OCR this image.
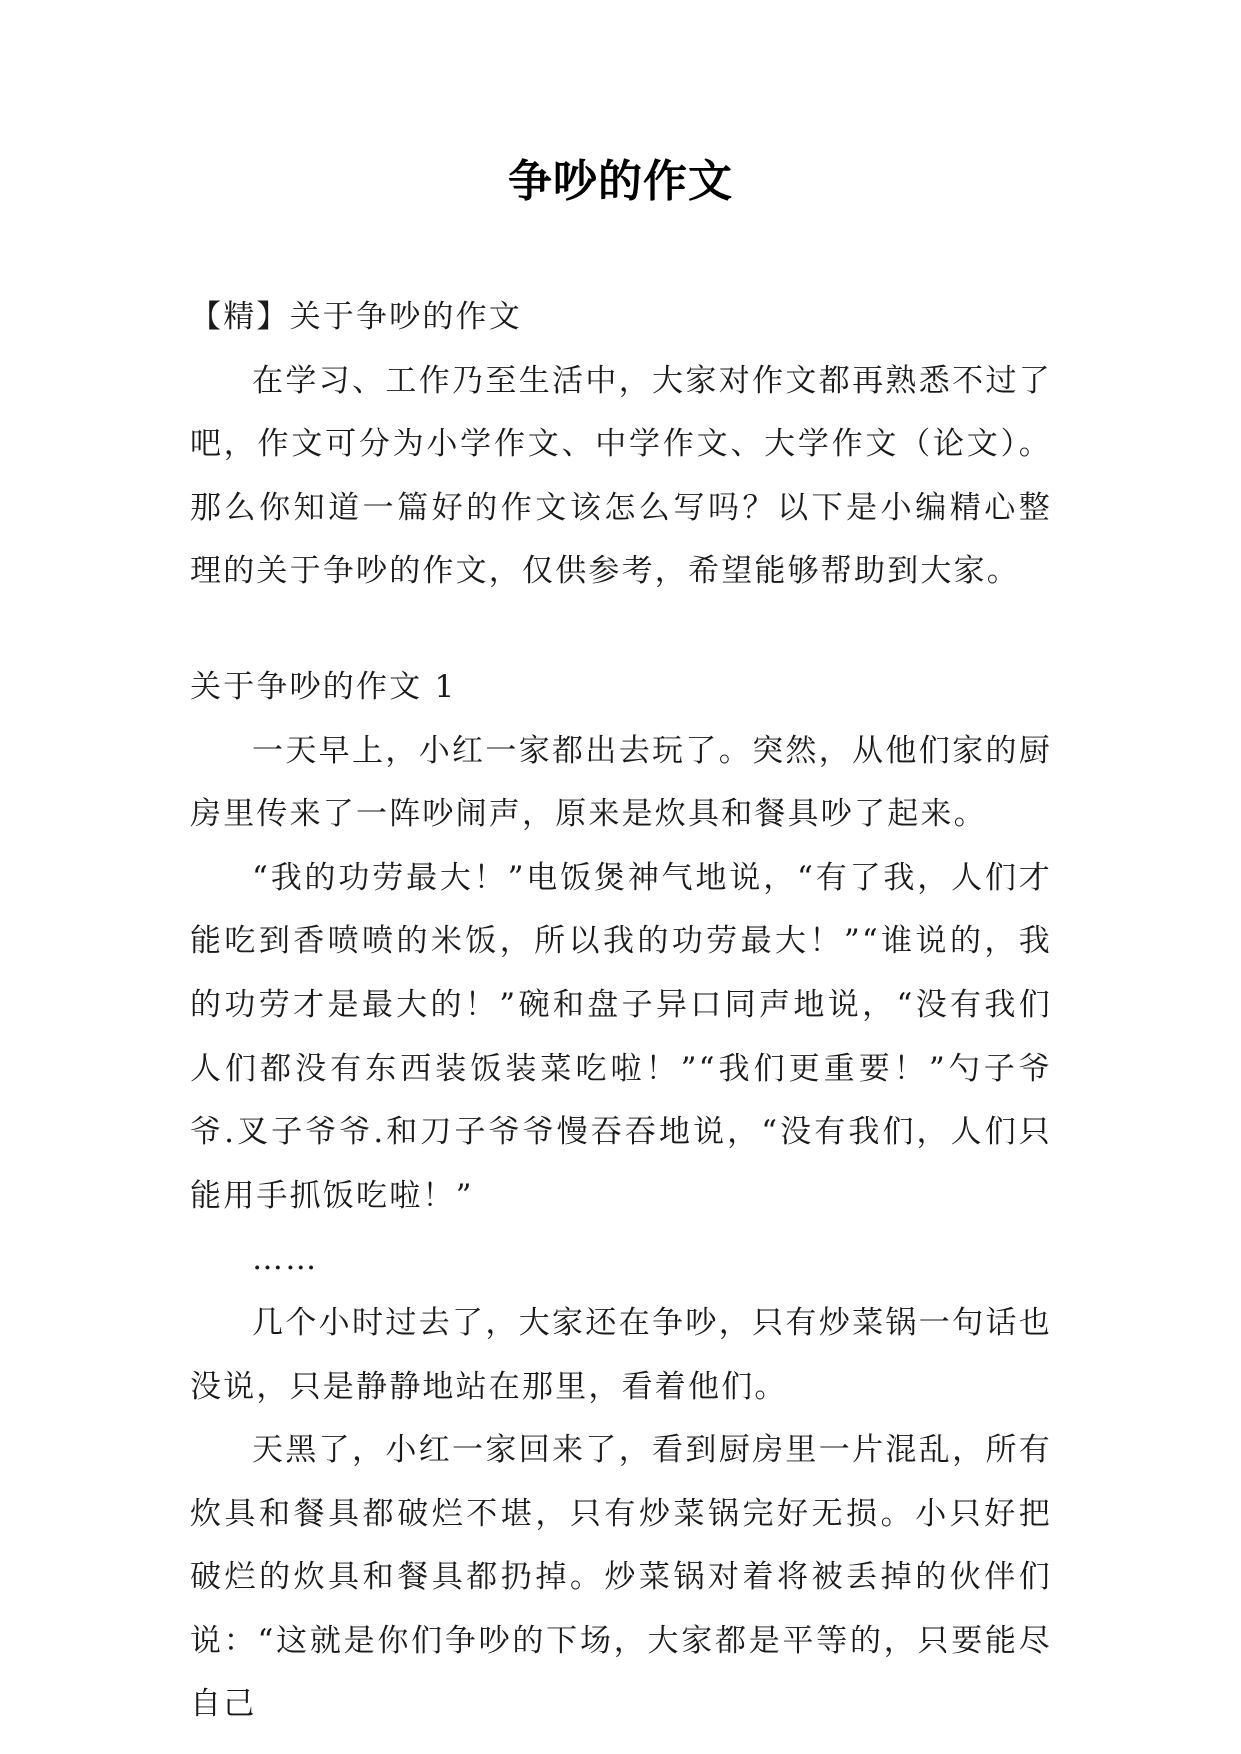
争吵的作文
【精】关于争吵的作文
在学习、工作乃至生活中，大家对作文都再熟悉不过了吧，作文可分为小学作文、中学作文、大学作文（论文）。那么你知道一篇好的作文该怎么写吗？以下是小编精心整理的关于争吵的作文，仅供参考，希望能够帮助到大家。
关于争吵的作文 1
一天早上，小红一家都出去玩了。突然，从他们家的厨房里传来了一阵吵闹声，原来是炊具和餐具吵了起来。
“我的功劳最大！”电饭煲神气地说，“有了我，人们才能吃到香喷喷的米饭，所以我的功劳最大！”“谁说的，我的功劳才是最大的！”碗和盘子异口同声地说，“没有我们人们都没有东西装饭装菜吃啦！”“我们更重要！”勺子爷爷.叉子爷爷.和刀子爷爷慢吞吞地说，“没有我们，人们只能用手抓饭吃啦！”
……
几个小时过去了，大家还在争吵，只有炒菜锅一句话也没说，只是静静地站在那里，看着他们。
天黑了，小红一家回来了，看到厨房里一片混乱，所有炊具和餐具都破烂不堪，只有炒菜锅完好无损。小只好把破烂的炊具和餐具都扔掉。炒菜锅对着将被丢掉的伙伴们说：“这就是你们争吵的下场，大家都是平等的，只要能尽自己
